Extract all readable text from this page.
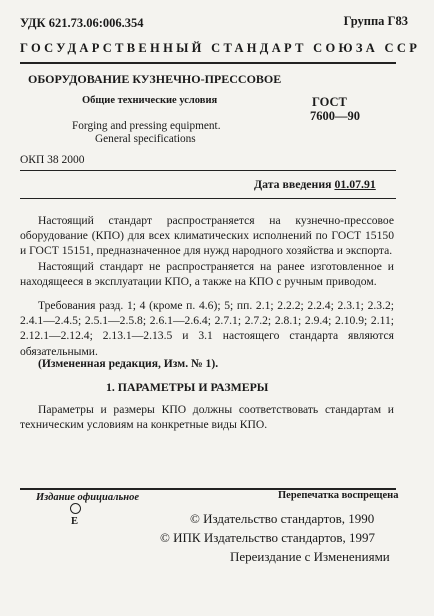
УДК 621.73.06:006.354	Группа Г83
ГОСУДАРСТВЕННЫЙ СТАНДАРТ СОЮЗА ССР
ОБОРУДОВАНИЕ КУЗНЕЧНО-ПРЕССОВОЕ
Общие технические условия
Forging and pressing equipment.
General specifications
ГОСТ
7600—90
ОКП 38 2000
Дата введения 01.07.91
Настоящий стандарт распространяется на кузнечно-прессовое оборудование (КПО) для всех климатических исполнений по ГОСТ 15150 и ГОСТ 15151, предназначенное для нужд народного хозяйства и экспорта.
Настоящий стандарт не распространяется на ранее изготовленное и находящееся в эксплуатации КПО, а также на КПО с ручным приводом.
Требования разд. 1; 4 (кроме п. 4.6); 5; пп. 2.1; 2.2.2; 2.2.4; 2.3.1; 2.3.2; 2.4.1—2.4.5; 2.5.1—2.5.8; 2.6.1—2.6.4; 2.7.1; 2.7.2; 2.8.1; 2.9.4; 2.10.9; 2.11; 2.12.1—2.12.4; 2.13.1—2.13.5 и 3.1 настоящего стандарта являются обязательными.
(Измененная редакция, Изм. № 1).
1. ПАРАМЕТРЫ И РАЗМЕРЫ
Параметры и размеры КПО должны соответствовать стандартам и техническим условиям на конкретные виды КПО.
Издание официальное	Перепечатка воспрещена
Е	© Издательство стандартов, 1990
© ИПК Издательство стандартов, 1997
Переиздание с Изменениями
